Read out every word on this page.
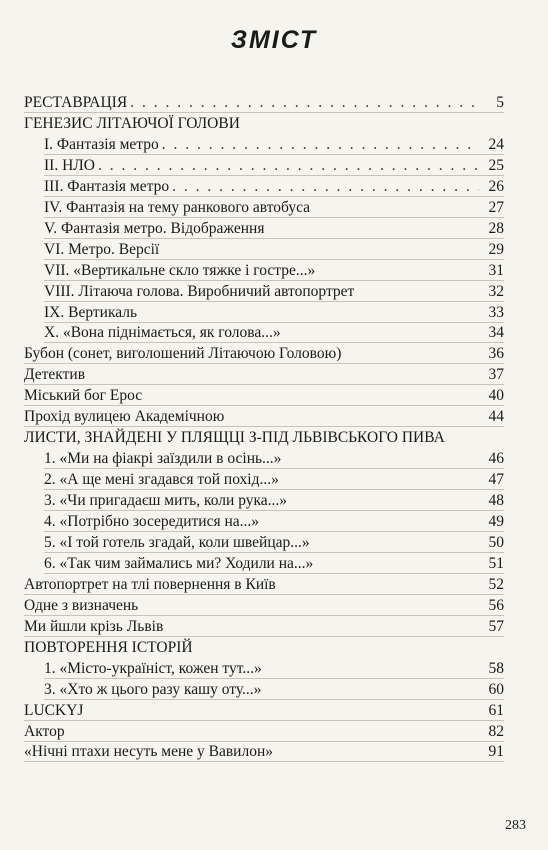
ЗМІСТ
РЕСТАВРАЦІЯ . . .	5
ГЕНЕЗИС ЛІТАЮЧОЇ ГОЛОВИ
І. Фантазія метро . . .	24
ІІ. НЛО . . .	25
ІІІ. Фантазія метро . . .	26
IV. Фантазія на тему ранкового автобуса	27
V. Фантазія метро. Відображення	28
VI. Метро. Версії	29
VII. «Вертикальне скло тяжке і гостре...»	31
VIII. Літаюча голова. Виробничий автопортрет	32
IX. Вертикаль	33
X. «Вона піднімається, як голова...»	34
Бубон (сонет, виголошений Літаючою Головою)	36
Детектив	37
Міський бог Ерос	40
Прохід вулицею Академічною	44
ЛИСТИ, ЗНАЙДЕНІ У ПЛЯЩЦІ З-ПІД ЛЬВІВСЬКОГО ПИВА
1. «Ми на фіакрі заїздили в осінь...»	46
2. «А ще мені згадався той похід...»	47
3. «Чи пригадаєш мить, коли рука...»	48
4. «Потрібно зосередитися на...»	49
5. «І той готель згадай, коли швейцар...»	50
6. «Так чим займались ми? Ходили на...»	51
Автопортрет на тлі повернення в Київ	52
Одне з визначень	56
Ми йшли крізь Львів	57
ПОВТОРЕННЯ ІСТОРІЙ
1. «Місто-україніст, кожен тут...»	58
3. «Хто ж цього разу кашу оту...»	60
LUCKYJ	61
Актор	82
«Нічні птахи несуть мене у Вавилон»	91
283
